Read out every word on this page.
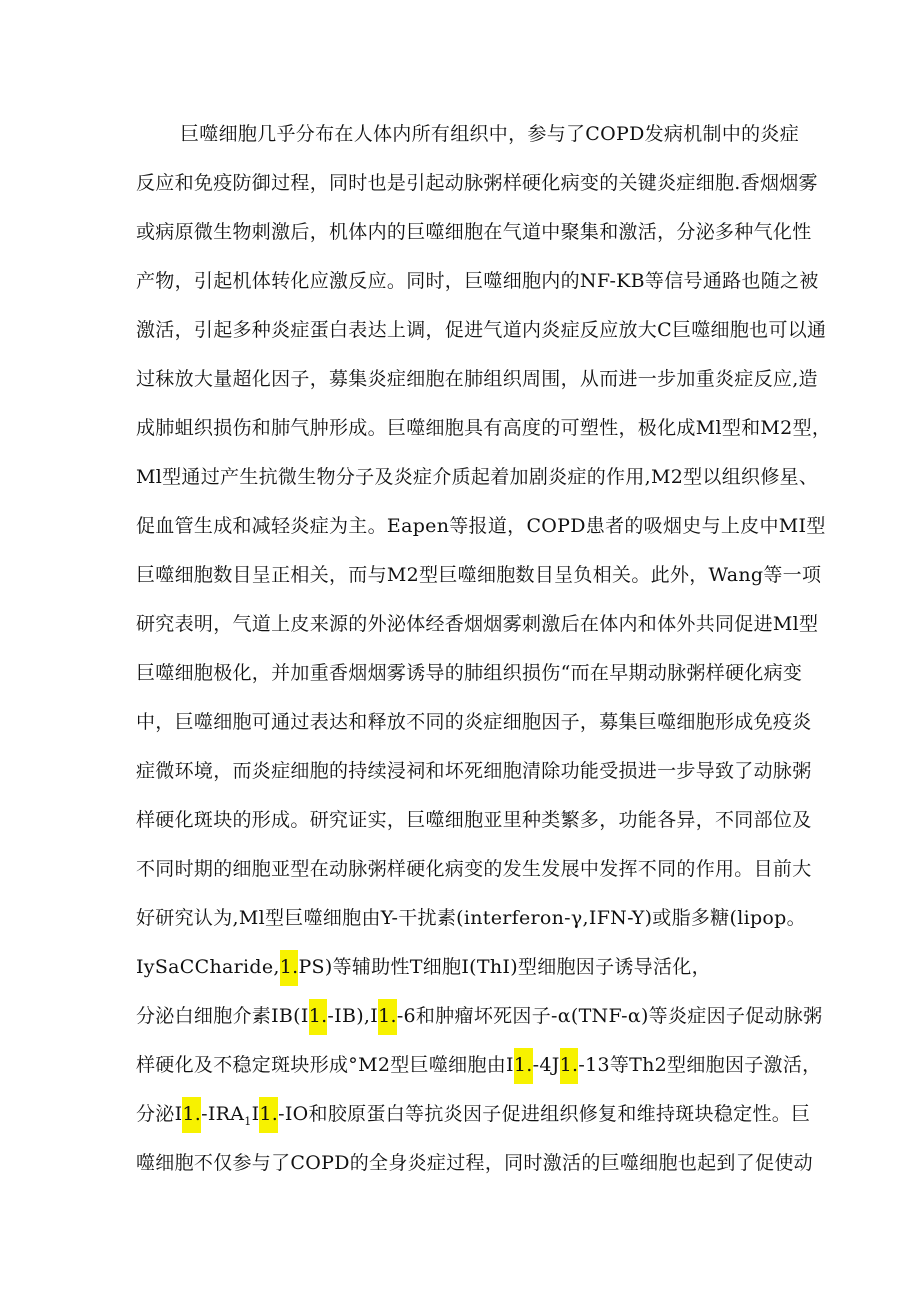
巨噬细胞几乎分布在人体内所有组织中，参与了COPD发病机制中的炎症
反应和免疫防御过程，同时也是引起动脉粥样硬化病变的关键炎症细胞.香烟烟雾
或病原微生物刺激后，机体内的巨噬细胞在气道中聚集和激活，分泌多种气化性
产物，引起机体转化应激反应。同时，巨噬细胞内的NF-KB等信号通路也随之被
激活，引起多种炎症蛋白表达上调，促进气道内炎症反应放大C巨噬细胞也可以通
过秣放大量超化因子，募集炎症细胞在肺组织周围，从而进一步加重炎症反应,造
成肺蛆织损伤和肺气肿形成。巨噬细胞具有高度的可塑性，极化成Ml型和M2型，
Ml型通过产生抗微生物分子及炎症介质起着加剧炎症的作用,M2型以组织修星、
促血管生成和减轻炎症为主。Eapen等报道，COPD患者的吸烟史与上皮中MI型
巨噬细胞数目呈正相关，而与M2型巨噬细胞数目呈负相关。此外，Wang等一项
研究表明，气道上皮来源的外泌体经香烟烟雾刺激后在体内和体外共同促进Ml型
巨噬细胞极化，并加重香烟烟雾诱导的肺组织损伤“而在早期动脉粥样硬化病变
中，巨噬细胞可通过表达和释放不同的炎症细胞因子，募集巨噬细胞形成免疫炎
症微环境，而炎症细胞的持续浸祠和坏死细胞清除功能受损进一步导致了动脉粥
样硬化斑块的形成。研究证实，巨噬细胞亚里种类繁多，功能各异，不同部位及
不同时期的细胞亚型在动脉粥样硬化病变的发生发展中发挥不同的作用。目前大
好研究认为,Ml型巨噬细胞由Y-干扰素(interferon-γ,IFN-Y)或脂多糖(lipop。
IySaCCharide,1.PS)等辅助性T细胞I(ThI)型细胞因子诱导活化，
分泌白细胞介素IB(I1.-IB),I1.-6和肿瘤坏死因子-α(TNF-α)等炎症因子促动脉粥
样硬化及不稳定斑块形成°M2型巨噬细胞由I1.-4J1.-13等Th2型细胞因子激活，
分泌$I1.-IRA_1I1.-IO$和胶原蛋白等抗炎因子促进组织修复和维持斑块稳定性。巨
噬细胞不仅参与了COPD的全身炎症过程，同时激活的巨噬细胞也起到了促使动
